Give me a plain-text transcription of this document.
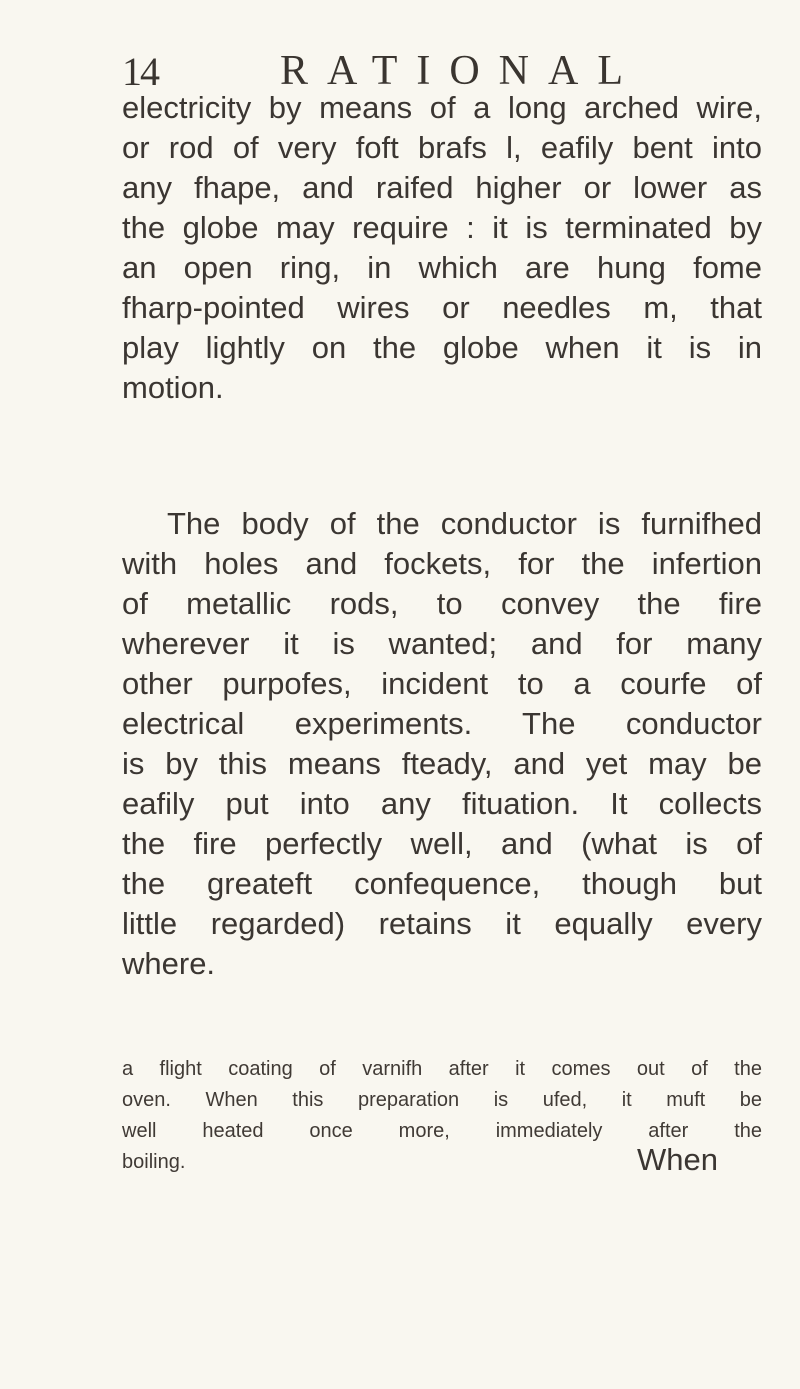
14	RATIONAL

electricity by means of a long arched wire,
or rod of very foft brafs l, eafily bent into
any fhape, and raifed higher or lower as
the globe may require : it is terminated by
an open ring, in which are hung fome
fharp-pointed wires or needles m, that
play lightly on the globe when it is in
motion.

The body of the conductor is furnifhed
with holes and fockets, for the infertion
of metallic rods, to convey the fire
wherever it is wanted; and for many
other purpofes, incident to a courfe of
electrical experiments. The conductor
is by this means fteady, and yet may be
eafily put into any fituation. It collects
the fire perfectly well, and (what is of
the greateft confequence, though but
little regarded) retains it equally every
where.

a flight coating of varnifh after it comes out of the
oven. When this preparation is ufed, it muft be
well heated once more, immediately after the
boiling.	When
